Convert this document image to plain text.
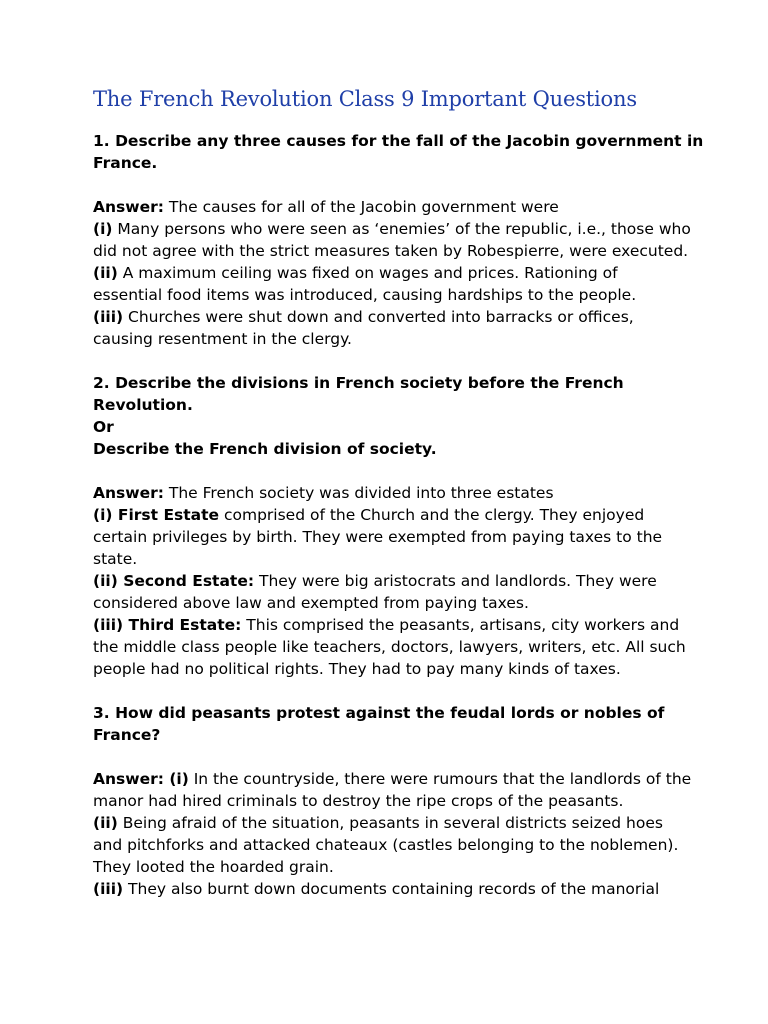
The French Revolution Class 9 Important Questions

1. Describe any three causes for the fall of the Jacobin government in

France.

Answer: The causes for all of the Jacobin government were

(i) Many persons who were seen as ‘enemies’ of the republic, i.e., those who

did not agree with the strict measures taken by Robespierre, were executed.

(ii) A maximum ceiling was fixed on wages and prices. Rationing of

essential food items was introduced, causing hardships to the people.

(iii) Churches were shut down and converted into barracks or offices,

causing resentment in the clergy.

2. Describe the divisions in French society before the French

Revolution.

Or

Describe the French division of society.

Answer: The French society was divided into three estates

(i) First Estate comprised of the Church and the clergy. They enjoyed

certain privileges by birth. They were exempted from paying taxes to the

state.

(ii) Second Estate: They were big aristocrats and landlords. They were

considered above law and exempted from paying taxes.

(iii) Third Estate: This comprised the peasants, artisans, city workers and

the middle class people like teachers, doctors, lawyers, writers, etc. All such

people had no political rights. They had to pay many kinds of taxes.

3. How did peasants protest against the feudal lords or nobles of

France?

Answer: (i) In the countryside, there were rumours that the landlords of the

manor had hired criminals to destroy the ripe crops of the peasants.

(ii) Being afraid of the situation, peasants in several districts seized hoes

and pitchforks and attacked chateaux (castles belonging to the noblemen).

They looted the hoarded grain.

(iii) They also burnt down documents containing records of the manorial
